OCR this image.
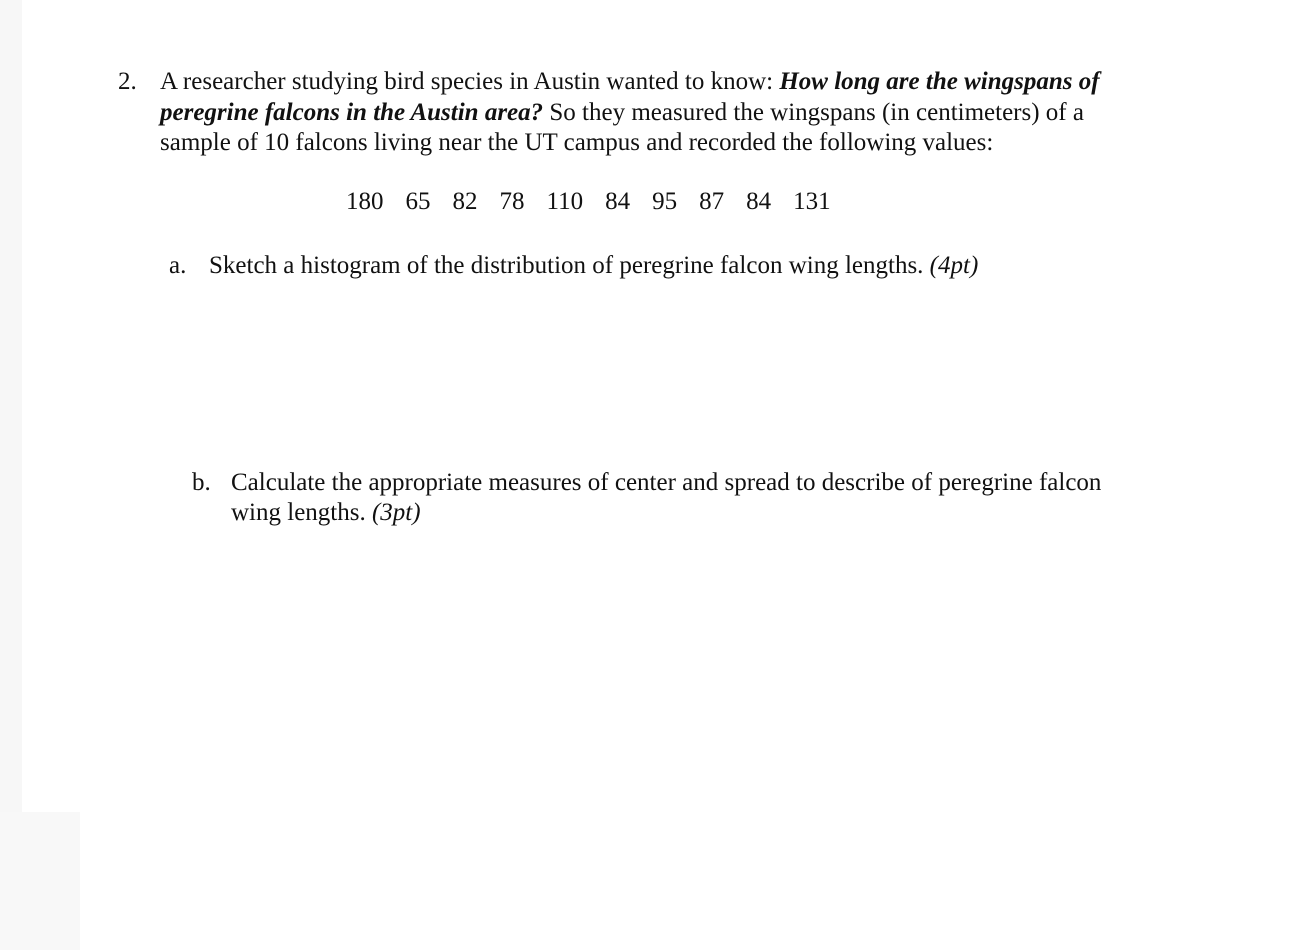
2. A researcher studying bird species in Austin wanted to know: How long are the wingspans of
peregrine falcons in the Austin area? So they measured the wingspans (in centimeters) of a
sample of 10 falcons living near the UT campus and recorded the following values:

180 65 82 78 110 84 95 87 84 131
a. Sketch a histogram of the distribution of peregrine falcon wing lengths. (4pt)
b. Calculate the appropriate measures of center and spread to describe of peregrine falcon
wing lengths. (3pt)
